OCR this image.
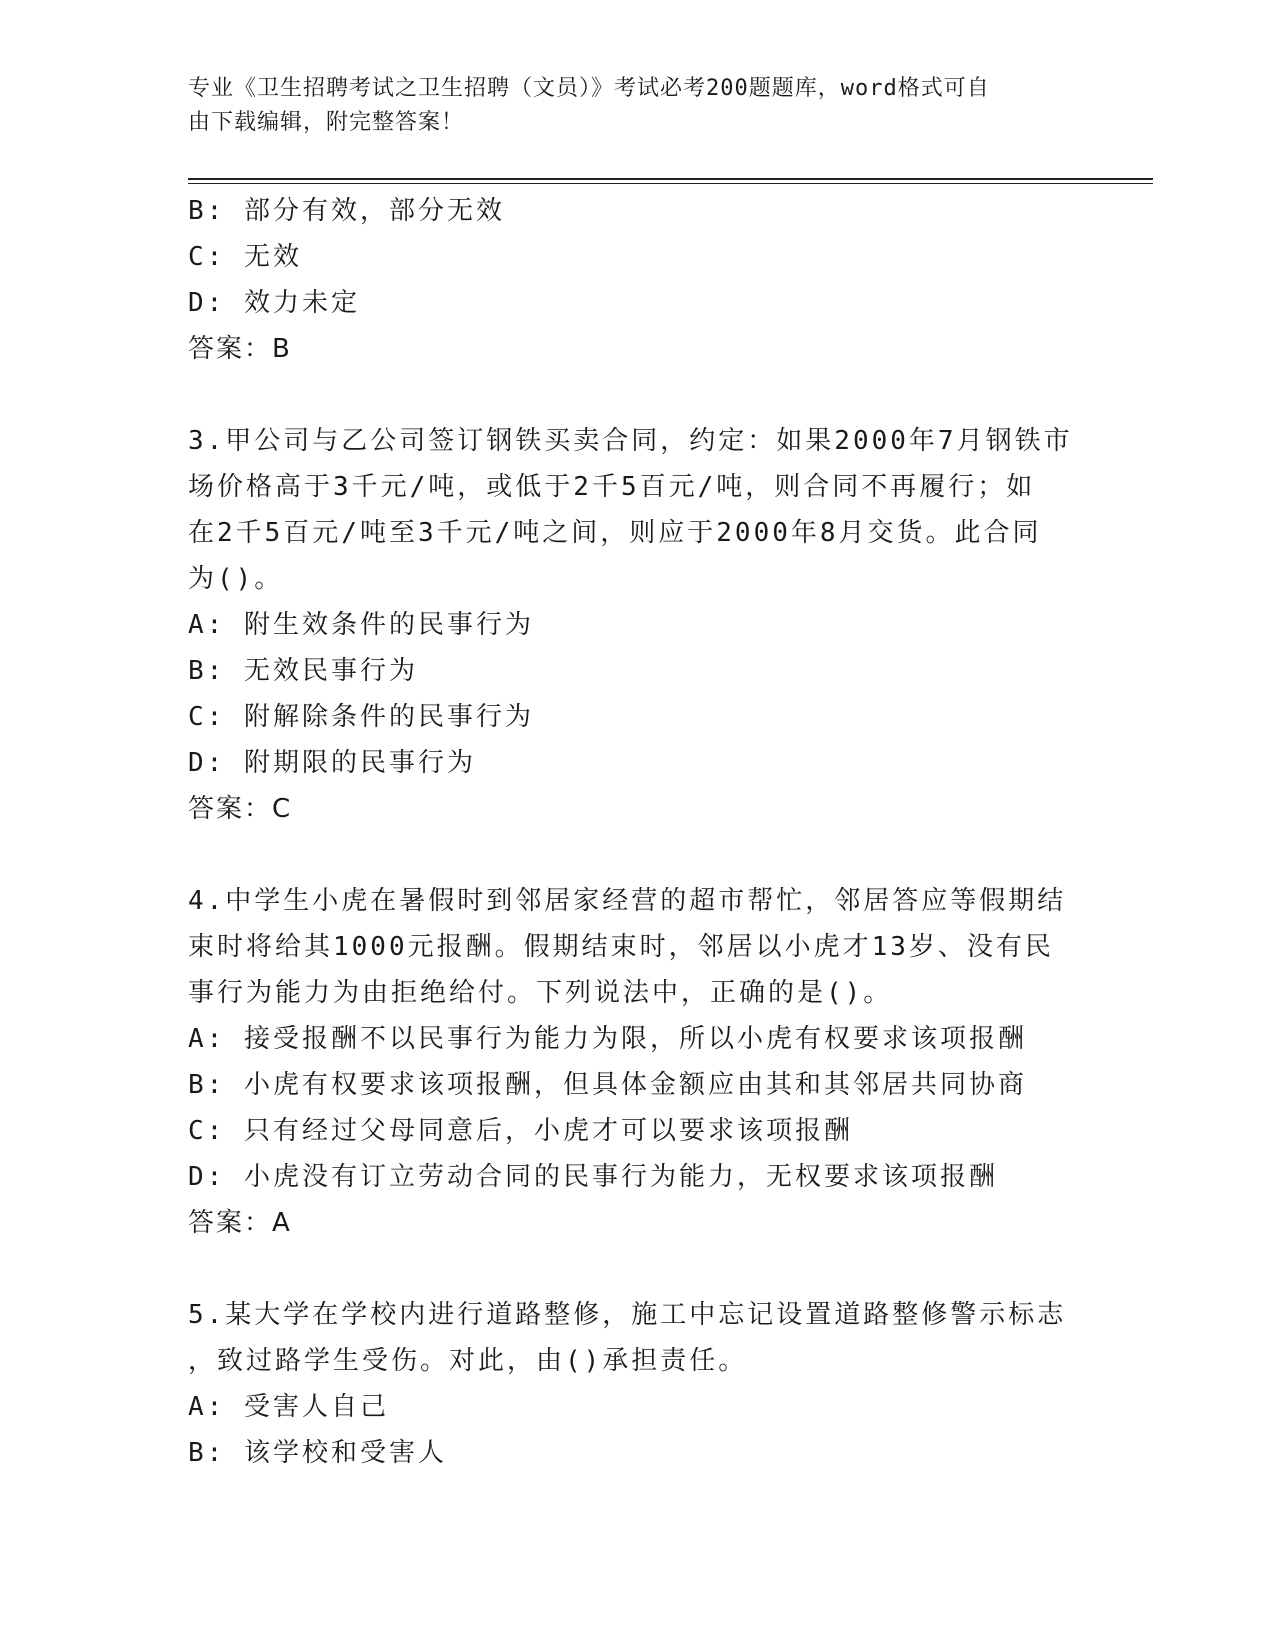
专业《卫生招聘考试之卫生招聘（文员）》考试必考200题题库，word格式可自
由下载编辑，附完整答案！

B: 部分有效，部分无效

C: 无效

D: 效力未定

答案：B

3.甲公司与乙公司签订钢铁买卖合同，约定：如果2000年7月钢铁市

场价格高于3千元/吨，或低于2千5百元/吨，则合同不再履行；如

在2千5百元/吨至3千元/吨之间，则应于2000年8月交货。此合同

为()。

A: 附生效条件的民事行为

B: 无效民事行为

C: 附解除条件的民事行为

D: 附期限的民事行为

答案：C

4.中学生小虎在暑假时到邻居家经营的超市帮忙，邻居答应等假期结

束时将给其1000元报酬。假期结束时，邻居以小虎才13岁、没有民

事行为能力为由拒绝给付。下列说法中，正确的是()。

A: 接受报酬不以民事行为能力为限，所以小虎有权要求该项报酬

B: 小虎有权要求该项报酬，但具体金额应由其和其邻居共同协商

C: 只有经过父母同意后，小虎才可以要求该项报酬

D: 小虎没有订立劳动合同的民事行为能力，无权要求该项报酬

答案：A

5.某大学在学校内进行道路整修，施工中忘记设置道路整修警示标志

，致过路学生受伤。对此，由()承担责任。

A: 受害人自己

B: 该学校和受害人
